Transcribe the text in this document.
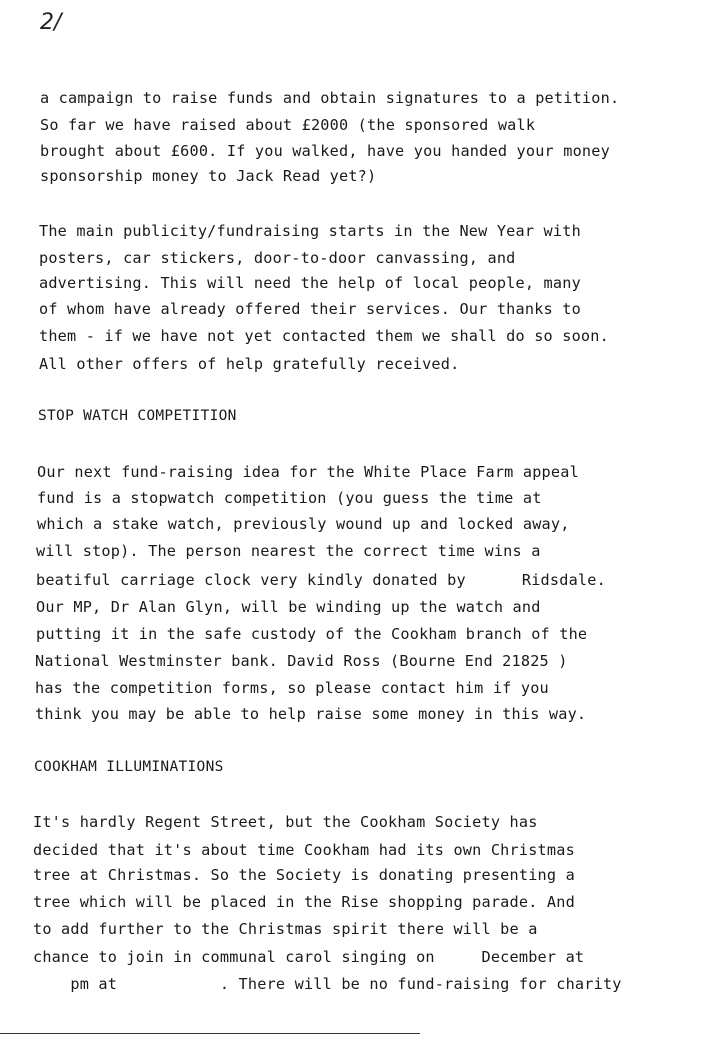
2/
a campaign to raise funds and obtain signatures to a petition.
So far we have raised about £2000 (the sponsored walk
brought about £600. If you walked, have you handed your money
sponsorship money to Jack Read yet?)
The main publicity/fundraising starts in the New Year with
posters, car stickers, door-to-door canvassing, and
advertising. This will need the help of local people, many
of whom have already offered their services. Our thanks to
them - if we have not yet contacted them we shall do so soon.
All other offers of help gratefully received.
STOP WATCH COMPETITION
Our next fund-raising idea for the White Place Farm appeal
fund is a stopwatch competition (you guess the time at
which a stake watch, previously wound up and locked away,
will stop). The person nearest the correct time wins a
beatiful carriage clock very kindly donated by      Ridsdale.
Our MP, Dr Alan Glyn, will be winding up the watch and
putting it in the safe custody of the Cookham branch of the
National Westminster bank. David Ross (Bourne End 21825 )
has the competition forms, so please contact him if you
think you may be able to help raise some money in this way.
COOKHAM ILLUMINATIONS
It's hardly Regent Street, but the Cookham Society has
decided that it's about time Cookham had its own Christmas
tree at Christmas. So the Society is donating presenting a
tree which will be placed in the Rise shopping parade. And
to add further to the Christmas spirit there will be a
chance to join in communal carol singing on     December at
pm at           . There will be no fund-raising for charity
